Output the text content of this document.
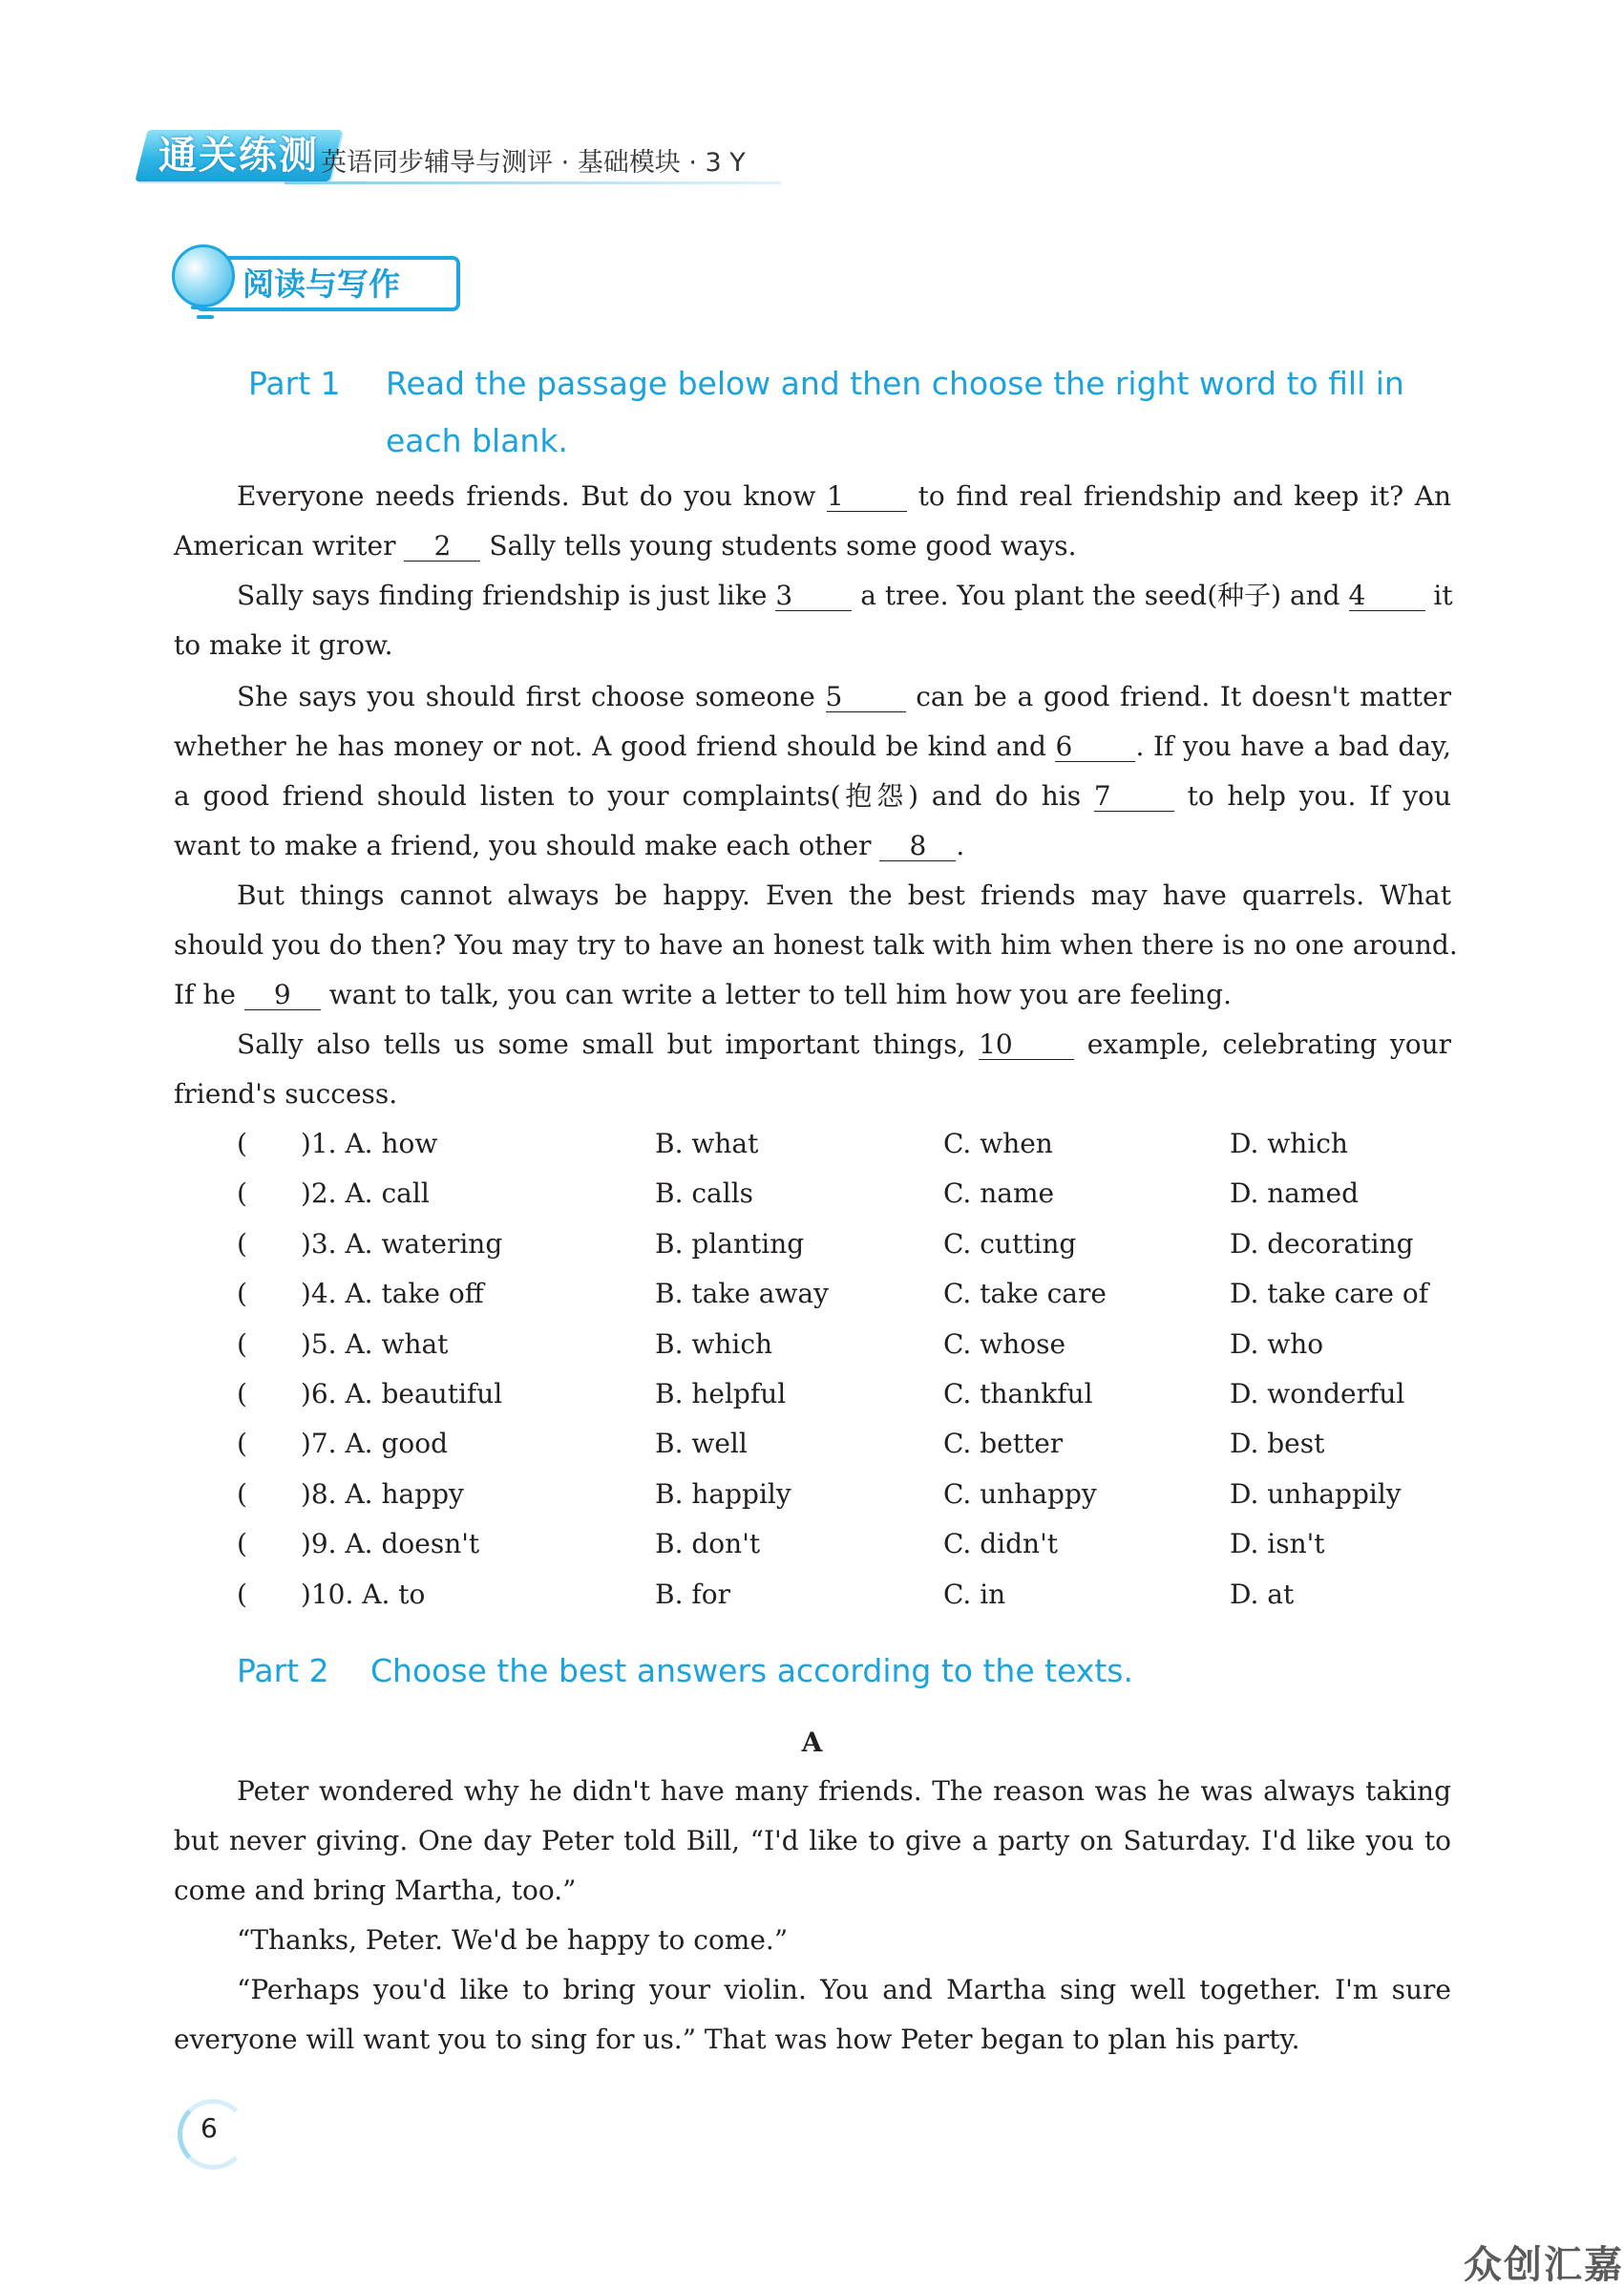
通关练测 英语同步辅导与测评 · 基础模块 · 3 Y
阅读与写作
Part 1 Read the passage below and then choose the right word to fill in
each blank.
Everyone needs friends. But do you know 1	to find real friendship and keep it? An
American writer 2 Sally tells young students some good ways.
Sally says finding friendship is just like 3	a tree. You plant the seed(种子) and 4	it
to make it grow.
She says you should first choose someone 5	can be a good friend. It doesn't matter
whether he has money or not. A good friend should be kind and 6 . If you have a bad day,
a good friend should listen to your complaints(抱怨) and do his 7	to help you. If you
want to make a friend, you should make each other 8 .
But things cannot always be happy. Even the best friends may have quarrels. What
should you do then? You may try to have an honest talk with him when there is no one around.
If he 9 want to talk, you can write a letter to tell him how you are feeling.
Sally also tells us some small but important things, 10	example, celebrating your
friend's success.
(　　)1. A. how	B. what	C. when	D. which
(　　)2. A. call	B. calls	C. name	D. named
(　　)3. A. watering	B. planting	C. cutting	D. decorating
(　　)4. A. take off	B. take away	C. take care	D. take care of
(　　)5. A. what	B. which	C. whose	D. who
(　　)6. A. beautiful	B. helpful	C. thankful	D. wonderful
(　　)7. A. good	B. well	C. better	D. best
(　　)8. A. happy	B. happily	C. unhappy	D. unhappily
(　　)9. A. doesn't	B. don't	C. didn't	D. isn't
(　　)10. A. to	B. for	C. in	D. at
Part 2 Choose the best answers according to the texts.
A
Peter wondered why he didn't have many friends. The reason was he was always taking
but never giving. One day Peter told Bill, “I'd like to give a party on Saturday. I'd like you to
come and bring Martha, too.”
“Thanks, Peter. We'd be happy to come.”
“Perhaps you'd like to bring your violin. You and Martha sing well together. I'm sure
everyone will want you to sing for us.” That was how Peter began to plan his party.
6
众创汇嘉
